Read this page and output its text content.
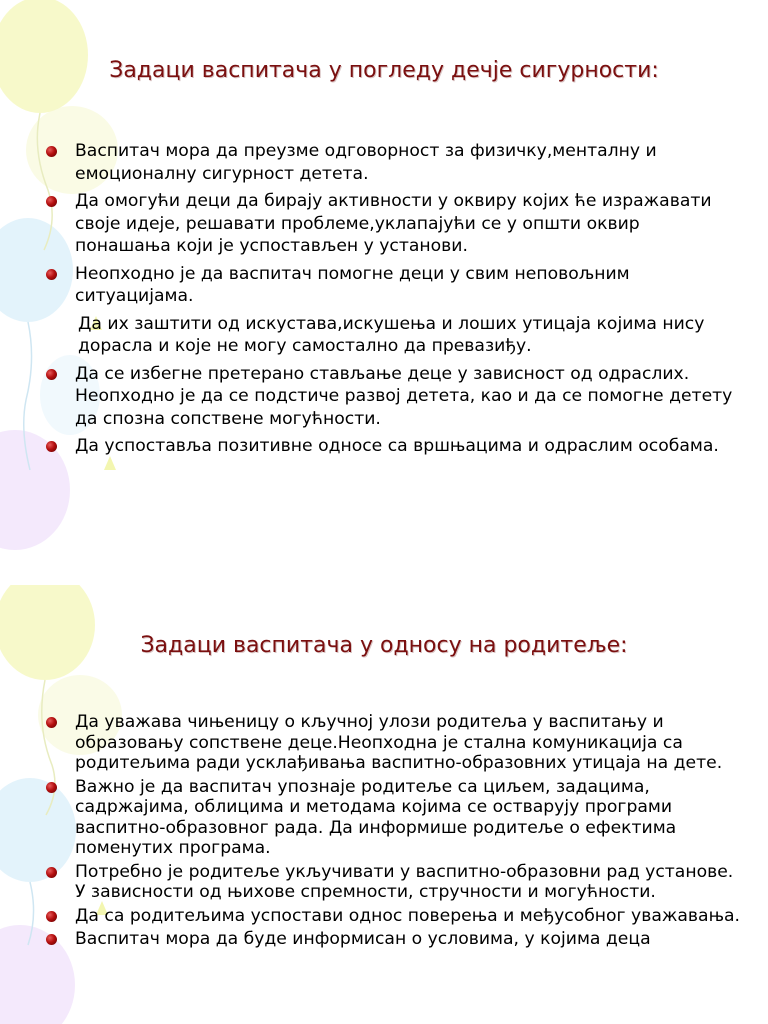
Задаци васпитача у погледу дечје сигурности:
Васпитач мора да преузме одговорност за физичку,менталну и емоционалну сигурност детета.
Да омогући деци да бирају активности у оквиру којих ће изражавати своје идеје, решавати проблеме,уклапајући се у општи оквир понашања који је успостављен у установи.
Неопходно је да васпитач помогне деци у свим неповољним ситуацијама.
Да их заштити од искустава,искушења и лоших утицаја којима нису дорасла и које не могу самостално да превазиђу.
Да се избегне претерано стављање деце у зависност од одраслих. Неопходно је да се подстиче развој детета, као и да се помогне детету да спозна сопствене могућности.
Да успоставља позитивне односе са вршњацима и одраслим особама.
Задаци васпитача у односу на родитеље:
Да уважава чињеницу о кључној улози родитеља у васпитању и образовању сопствене деце.Неопходна је стална комуникација са родитељима ради усклађивања васпитно-образовних утицаја на дете.
Важно је да васпитач упознаје родитеље са циљем, задацима, садржајима, облицима и методама којима се остварују програми васпитно-образовног рада. Да информише родитеље о ефектима поменутих програма.
Потребно је родитеље укључивати у васпитно-образовни рад установе. У зависности од њихове спремности, стручности и могућности.
Да са родитељима успостави однос поверења и међусобног уважавања.
Васпитач мора да буде информисан о условима, у којима деца
